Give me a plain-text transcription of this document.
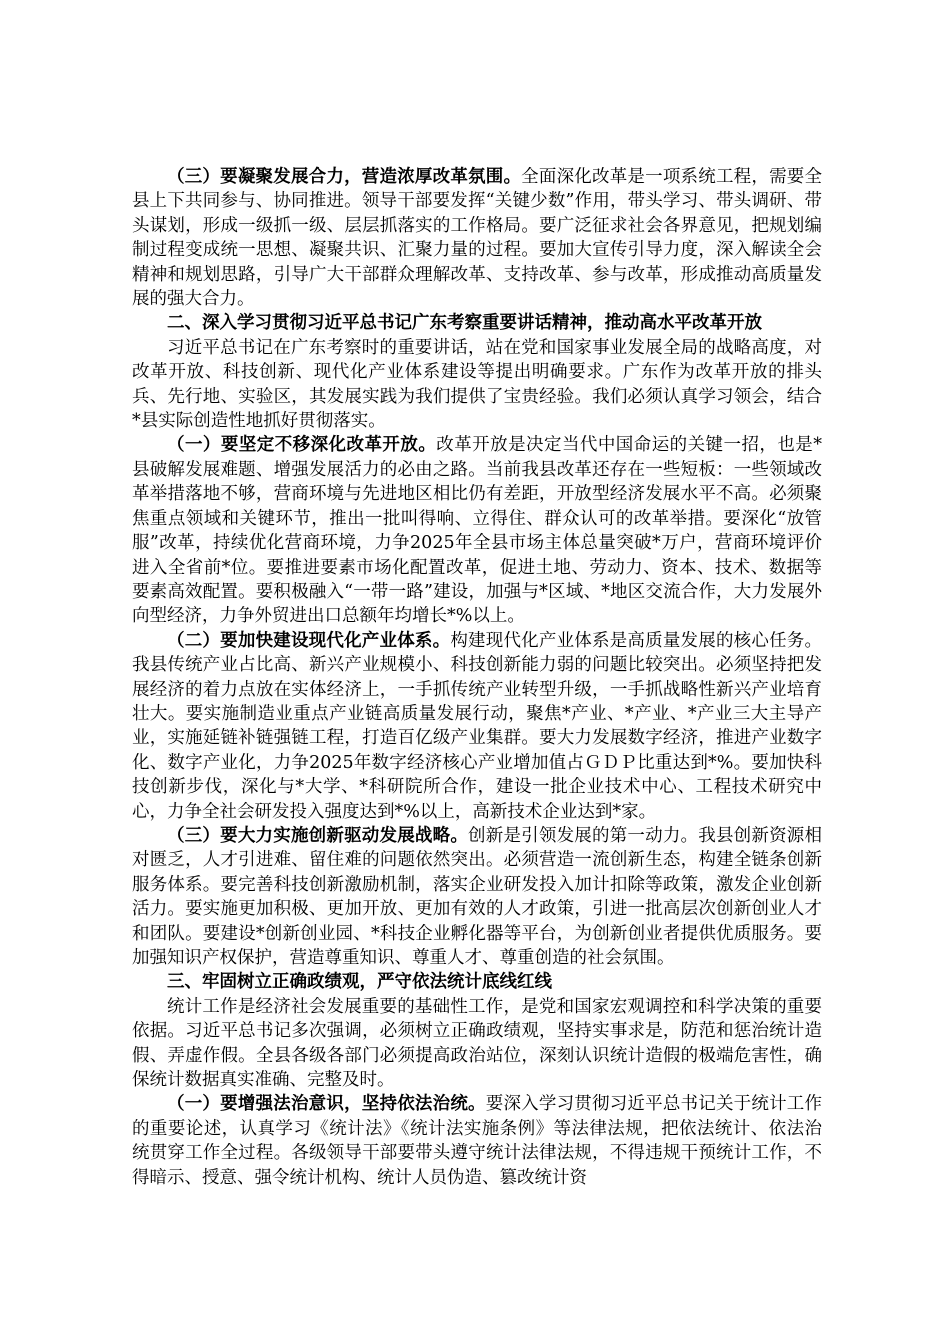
（三）要凝聚发展合力，营造浓厚改革氛围。全面深化改革是一项系统工程，需要全县上下共同参与、协同推进。领导干部要发挥“关键少数”作用，带头学习、带头调研、带头谋划，形成一级抓一级、层层抓落实的工作格局。要广泛征求社会各界意见，把规划编制过程变成统一思想、凝聚共识、汇聚力量的过程。要加大宣传引导力度，深入解读全会精神和规划思路，引导广大干部群众理解改革、支持改革、参与改革，形成推动高质量发展的强大合力。

二、深入学习贯彻习近平总书记广东考察重要讲话精神，推动高水平改革开放

习近平总书记在广东考察时的重要讲话，站在党和国家事业发展全局的战略高度，对改革开放、科技创新、现代化产业体系建设等提出明确要求。广东作为改革开放的排头兵、先行地、实验区，其发展实践为我们提供了宝贵经验。我们必须认真学习领会，结合*县实际创造性地抓好贯彻落实。

（一）要坚定不移深化改革开放。改革开放是决定当代中国命运的关键一招，也是*县破解发展难题、增强发展活力的必由之路。当前我县改革还存在一些短板：一些领域改革举措落地不够，营商环境与先进地区相比仍有差距，开放型经济发展水平不高。必须聚焦重点领域和关键环节，推出一批叫得响、立得住、群众认可的改革举措。要深化“放管服”改革，持续优化营商环境，力争2025年全县市场主体总量突破*万户，营商环境评价进入全省前*位。要推进要素市场化配置改革，促进土地、劳动力、资本、技术、数据等要素高效配置。要积极融入“一带一路”建设，加强与*区域、*地区交流合作，大力发展外向型经济，力争外贸进出口总额年均增长*%以上。

（二）要加快建设现代化产业体系。构建现代化产业体系是高质量发展的核心任务。我县传统产业占比高、新兴产业规模小、科技创新能力弱的问题比较突出。必须坚持把发展经济的着力点放在实体经济上，一手抓传统产业转型升级，一手抓战略性新兴产业培育壮大。要实施制造业重点产业链高质量发展行动，聚焦*产业、*产业、*产业三大主导产业，实施延链补链强链工程，打造百亿级产业集群。要大力发展数字经济，推进产业数字化、数字产业化，力争2025年数字经济核心产业增加值占ＧＤＰ比重达到*%。要加快科技创新步伐，深化与*大学、*科研院所合作，建设一批企业技术中心、工程技术研究中心，力争全社会研发投入强度达到*%以上，高新技术企业达到*家。

（三）要大力实施创新驱动发展战略。创新是引领发展的第一动力。我县创新资源相对匮乏，人才引进难、留住难的问题依然突出。必须营造一流创新生态，构建全链条创新服务体系。要完善科技创新激励机制，落实企业研发投入加计扣除等政策，激发企业创新活力。要实施更加积极、更加开放、更加有效的人才政策，引进一批高层次创新创业人才和团队。要建设*创新创业园、*科技企业孵化器等平台，为创新创业者提供优质服务。要加强知识产权保护，营造尊重知识、尊重人才、尊重创造的社会氛围。

三、牢固树立正确政绩观，严守依法统计底线红线

统计工作是经济社会发展重要的基础性工作，是党和国家宏观调控和科学决策的重要依据。习近平总书记多次强调，必须树立正确政绩观，坚持实事求是，防范和惩治统计造假、弄虚作假。全县各级各部门必须提高政治站位，深刻认识统计造假的极端危害性，确保统计数据真实准确、完整及时。

（一）要增强法治意识，坚持依法治统。要深入学习贯彻习近平总书记关于统计工作的重要论述，认真学习《统计法》《统计法实施条例》等法律法规，把依法统计、依法治统贯穿工作全过程。各级领导干部要带头遵守统计法律法规，不得违规干预统计工作，不得暗示、授意、强令统计机构、统计人员伪造、篡改统计资
